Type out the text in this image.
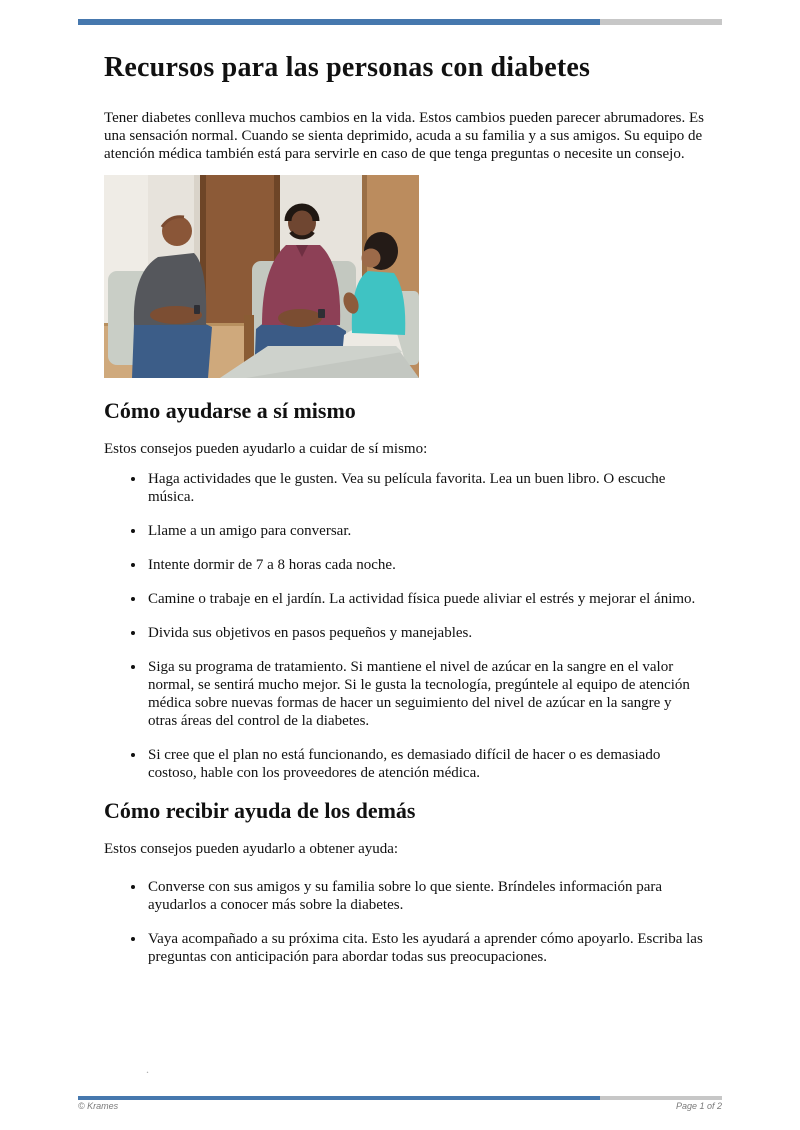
Recursos para las personas con diabetes

Tener diabetes conlleva muchos cambios en la vida. Estos cambios pueden parecer abrumadores. Es una sensación normal. Cuando se sienta deprimido, acuda a su familia y a sus amigos. Su equipo de atención médica también está para servirle en caso de que tenga preguntas o necesite un consejo.

Cómo ayudarse a sí mismo

Estos consejos pueden ayudarlo a cuidar de sí mismo:

• Haga actividades que le gusten. Vea su película favorita. Lea un buen libro. O escuche música.
• Llame a un amigo para conversar.
• Intente dormir de 7 a 8 horas cada noche.
• Camine o trabaje en el jardín. La actividad física puede aliviar el estrés y mejorar el ánimo.
• Divida sus objetivos en pasos pequeños y manejables.
• Siga su programa de tratamiento. Si mantiene el nivel de azúcar en la sangre en el valor normal, se sentirá mucho mejor. Si le gusta la tecnología, pregúntele al equipo de atención médica sobre nuevas formas de hacer un seguimiento del nivel de azúcar en la sangre y otras áreas del control de la diabetes.
• Si cree que el plan no está funcionando, es demasiado difícil de hacer o es demasiado costoso, hable con los proveedores de atención médica.
Cómo recibir ayuda de los demás

Estos consejos pueden ayudarlo a obtener ayuda:

• Converse con sus amigos y su familia sobre lo que siente. Bríndeles información para ayudarlos a conocer más sobre la diabetes.
• Vaya acompañado a su próxima cita. Esto les ayudará a aprender cómo apoyarlo. Escriba las preguntas con anticipación para abordar todas sus preocupaciones.
.
© Krames	Page 1 of 2
